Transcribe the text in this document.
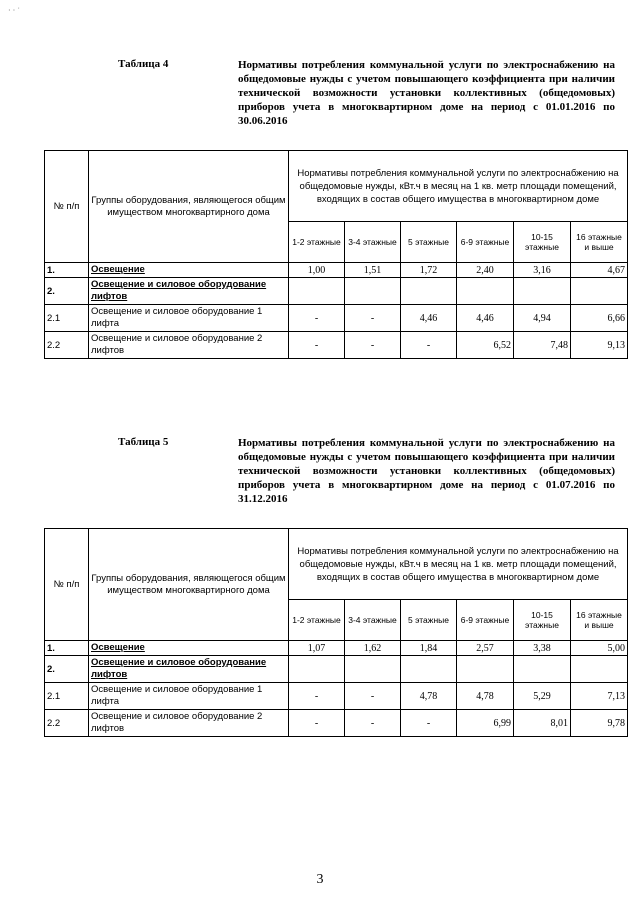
· · ˙
Таблица 4	Нормативы потребления коммунальной услуги по электроснабжению на общедомовые нужды с учетом повышающего коэффициента при наличии технической возможности установки коллективных (общедомовых) приборов учета в многоквартирном доме на период с 01.01.2016 по 30.06.2016
№ п/п	Группы оборудования, являющегося общим имуществом многоквартирного дома	Нормативы потребления коммунальной услуги по электроснабжению на общедомовые нужды, кВт.ч в месяц на 1 кв. метр площади помещений, входящих в состав общего имущества в многоквартирном доме					
		1-2 этажные	3-4 этажные	5 этажные	6-9 этажные	10-15 этажные	16 этажные и выше
1.	Освещение	1,00	1,51	1,72	2,40	3,16	4,67
2.	Освещение и силовое оборудование лифтов						
2.1	Освещение и силовое оборудование 1 лифта	-	-	4,46	4,46	4,94	6,66
2.2	Освещение и силовое оборудование 2 лифтов	-	-	-	6,52	7,48	9,13
Таблица 5	Нормативы потребления коммунальной услуги по электроснабжению на общедомовые нужды с учетом повышающего коэффициента при наличии технической возможности установки коллективных (общедомовых) приборов учета в многоквартирном доме на период с 01.07.2016 по 31.12.2016
№ п/п	Группы оборудования, являющегося общим имуществом многоквартирного дома	Нормативы потребления коммунальной услуги по электроснабжению на общедомовые нужды, кВт.ч в месяц на 1 кв. метр площади помещений, входящих в состав общего имущества в многоквартирном доме					
		1-2 этажные	3-4 этажные	5 этажные	6-9 этажные	10-15 этажные	16 этажные и выше
1.	Освещение	1,07	1,62	1,84	2,57	3,38	5,00
2.	Освещение и силовое оборудование лифтов						
2.1	Освещение и силовое оборудование 1 лифта	-	-	4,78	4,78	5,29	7,13
2.2	Освещение и силовое оборудование 2 лифтов	-	-	-	6,99	8,01	9,78
3
